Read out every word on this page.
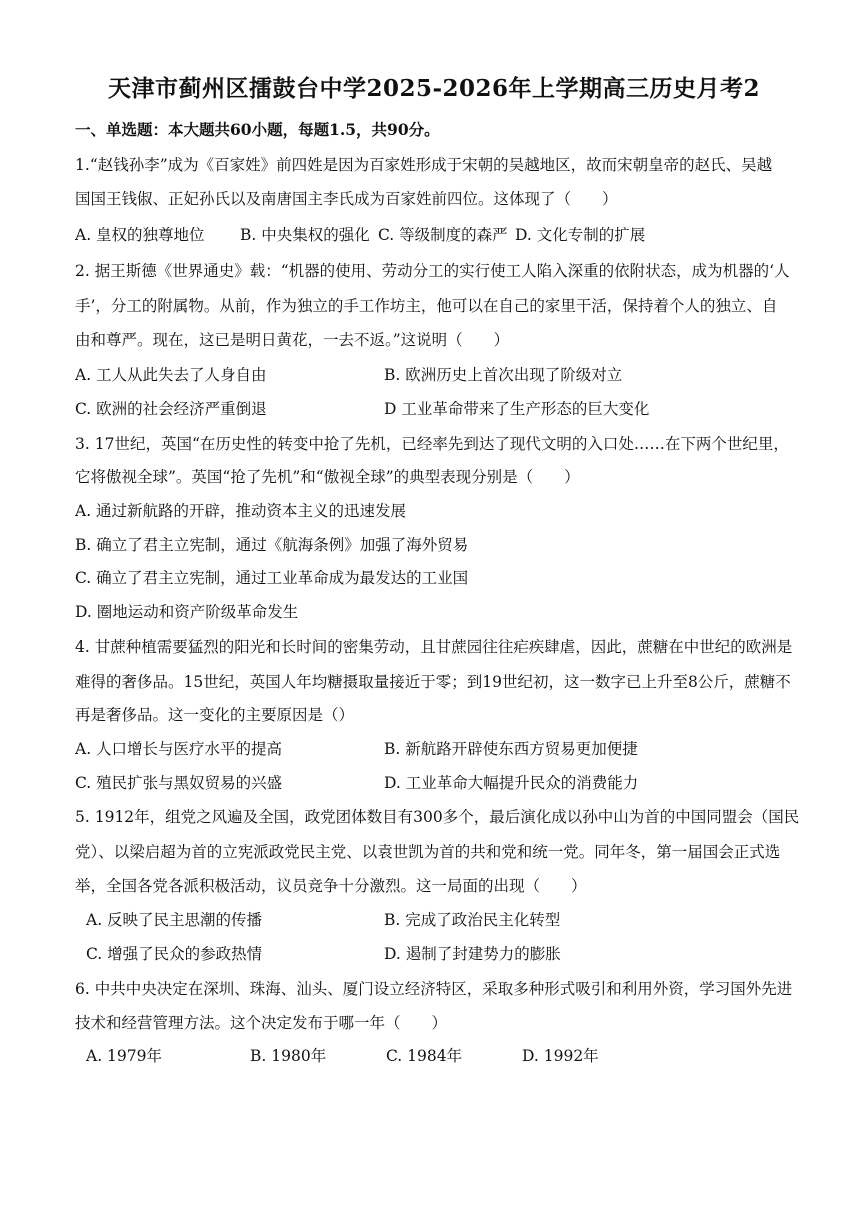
天津市蓟州区擂鼓台中学2025-2026年上学期高三历史月考2

一、单选题：本大题共60小题，每题1.5，共90分。

1.“赵钱孙李”成为《百家姓》前四姓是因为百家姓形成于宋朝的吴越地区，故而宋朝皇帝的赵氏、吴越

国国王钱俶、正妃孙氏以及南唐国主李氏成为百家姓前四位。这体现了（　　）

A. 皇权的独尊地位 B. 中央集权的强化 C. 等级制度的森严 D. 文化专制的扩展

2. 据王斯德《世界通史》载：“机器的使用、劳动分工的实行使工人陷入深重的依附状态，成为机器的‘人

手’，分工的附属物。从前，作为独立的手工作坊主，他可以在自己的家里干活，保持着个人的独立、自

由和尊严。现在，这已是明日黄花，一去不返。”这说明（　　）

A. 工人从此失去了人身自由	B. 欧洲历史上首次出现了阶级对立

C. 欧洲的社会经济严重倒退	D 工业革命带来了生产形态的巨大变化

3. 17世纪，英国“在历史性的转变中抢了先机，已经率先到达了现代文明的入口处……在下两个世纪里，

它将傲视全球”。英国“抢了先机”和“傲视全球”的典型表现分别是（　　）

A. 通过新航路的开辟，推动资本主义的迅速发展

B. 确立了君主立宪制，通过《航海条例》加强了海外贸易

C. 确立了君主立宪制，通过工业革命成为最发达的工业国

D. 圈地运动和资产阶级革命发生

4. 甘蔗种植需要猛烈的阳光和长时间的密集劳动，且甘蔗园往往疟疾肆虐，因此，蔗糖在中世纪的欧洲是

难得的奢侈品。15世纪，英国人年均糖摄取量接近于零；到19世纪初，这一数字已上升至8公斤，蔗糖不

再是奢侈品。这一变化的主要原因是（）

A. 人口增长与医疗水平的提高	B. 新航路开辟使东西方贸易更加便捷

C. 殖民扩张与黑奴贸易的兴盛	D. 工业革命大幅提升民众的消费能力

5. 1912年，组党之风遍及全国，政党团体数目有300多个，最后演化成以孙中山为首的中国同盟会（国民

党）、以梁启超为首的立宪派政党民主党、以袁世凯为首的共和党和统一党。同年冬，第一届国会正式选

举，全国各党各派积极活动，议员竞争十分激烈。这一局面的出现（　　）

A. 反映了民主思潮的传播	B. 完成了政治民主化转型

C. 增强了民众的参政热情	D. 遏制了封建势力的膨胀

6. 中共中央决定在深圳、珠海、汕头、厦门设立经济特区，采取多种形式吸引和利用外资，学习国外先进

技术和经营管理方法。这个决定发布于哪一年（　　）

A. 1979年	B. 1980年	C. 1984年	D. 1992年
